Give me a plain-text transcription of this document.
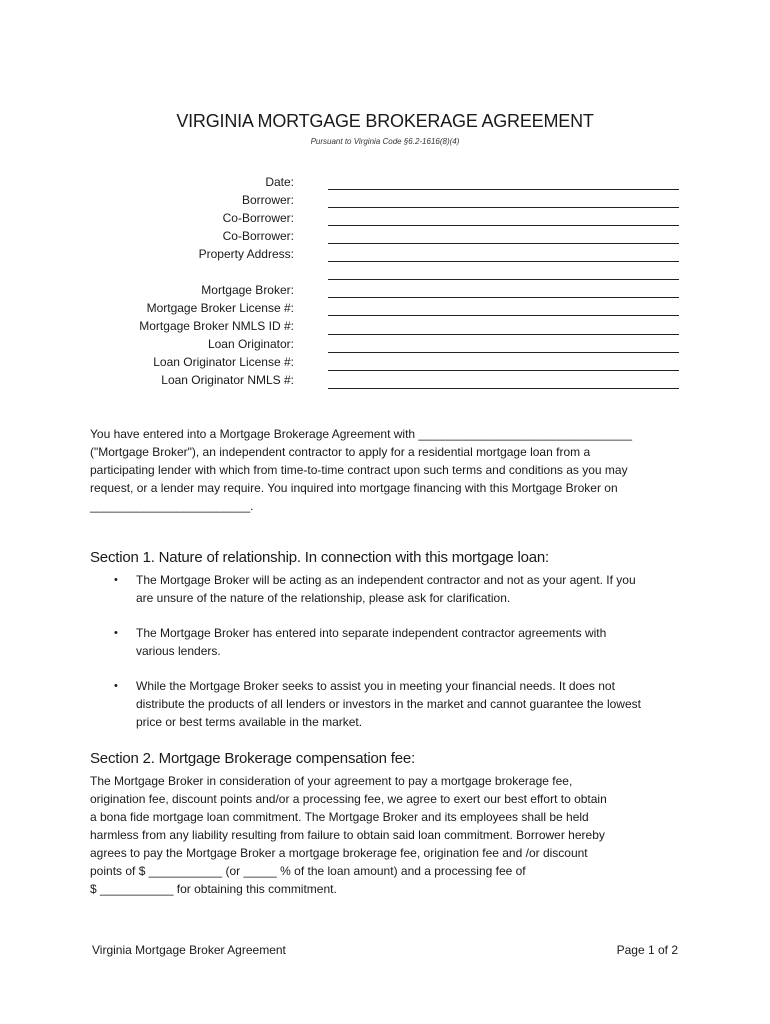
VIRGINIA MORTGAGE BROKERAGE AGREEMENT
Pursuant to Virginia Code §6.2-1616(8)(4)
Date:
Borrower:
Co-Borrower:
Co-Borrower:
Property Address:
Mortgage Broker:
Mortgage Broker License #:
Mortgage Broker NMLS ID #:
Loan Originator:
Loan Originator License #:
Loan Originator NMLS #:
You have entered into a Mortgage Brokerage Agreement with ________________________________
("Mortgage Broker"), an independent contractor to apply for a residential mortgage loan from a
participating lender with which from time-to-time contract upon such terms and conditions as you may
request, or a lender may require. You inquired into mortgage financing with this Mortgage Broker on
________________________.
Section 1. Nature of relationship. In connection with this mortgage loan:
• The Mortgage Broker will be acting as an independent contractor and not as your agent. If you
are unsure of the nature of the relationship, please ask for clarification.

• The Mortgage Broker has entered into separate independent contractor agreements with
various lenders.

• While the Mortgage Broker seeks to assist you in meeting your financial needs. It does not
distribute the products of all lenders or investors in the market and cannot guarantee the lowest
price or best terms available in the market.

Section 2. Mortgage Brokerage compensation fee:
The Mortgage Broker in consideration of your agreement to pay a mortgage brokerage fee,
origination fee, discount points and/or a processing fee, we agree to exert our best effort to obtain
a bona fide mortgage loan commitment. The Mortgage Broker and its employees shall be held
harmless from any liability resulting from failure to obtain said loan commitment. Borrower hereby
agrees to pay the Mortgage Broker a mortgage brokerage fee, origination fee and /or discount
points of $ ___________ (or _____ % of the loan amount) and a processing fee of
$ ___________ for obtaining this commitment.
Virginia Mortgage Broker Agreement	Page 1 of 2
